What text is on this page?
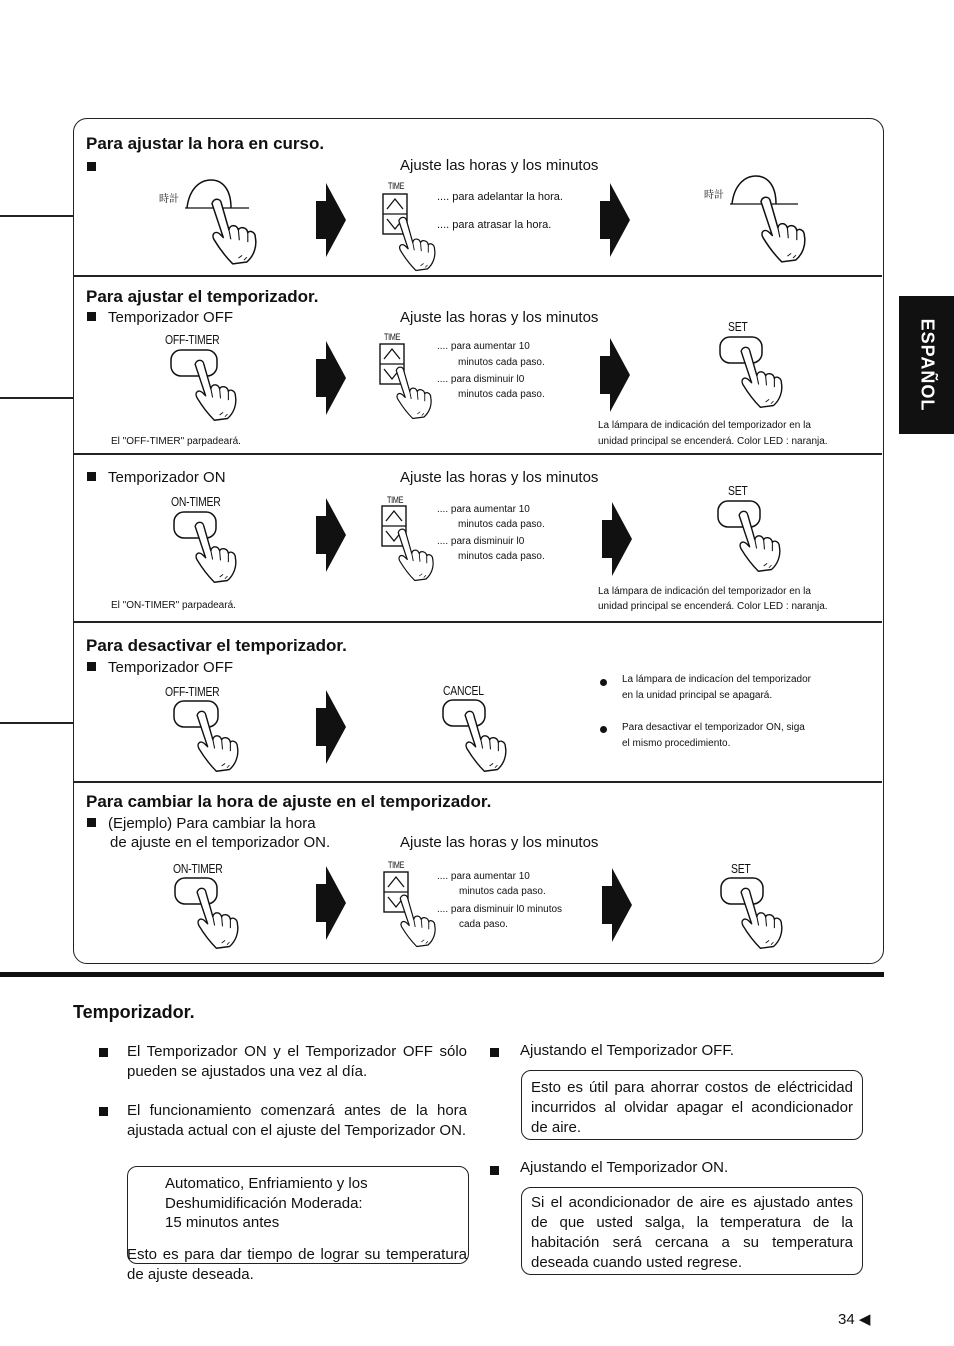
ESPAÑOL
Para ajustar la hora en curso.
Ajuste las horas y los minutos
時計
TIME
.... para adelantar la hora.
.... para atrasar la hora.
時計
Para ajustar el temporizador.
Temporizador OFF	Ajuste las horas y los minutos
OFF-TIMER
El "OFF-TIMER" parpadeará.
TIME
.... para aumentar 10
minutos cada paso.
.... para disminuir l0
minutos cada paso.
SET
La lámpara de indicación del temporizador en la
unidad principal se encenderá. Color LED : naranja.
Temporizador ON	Ajuste las horas y los minutos
ON-TIMER
El "ON-TIMER" parpadeará.
TIME
.... para aumentar 10
minutos cada paso.
.... para disminuir l0
minutos cada paso.
SET
La lámpara de indicación del temporizador en la
unidad principal se encenderá. Color LED : naranja.
Para desactivar el temporizador.
Temporizador OFF
OFF-TIMER	CANCEL
La lámpara de indicacíon del temporizador
en la unidad principal se apagará.
Para desactivar el temporizador ON, siga
el mismo procedimiento.
Para cambiar la hora de ajuste en el temporizador.
(Ejemplo) Para cambiar la hora
de ajuste en el temporizador ON.	Ajuste las horas y los minutos
ON-TIMER	TIME
.... para aumentar 10
minutos cada paso.
.... para disminuir l0 minutos
cada paso.
SET
Temporizador.
El Temporizador ON y el Temporizador OFF sólo pueden se ajustados una vez al día.
El funcionamiento comenzará antes de la hora ajustada actual con el ajuste del Temporizador ON.
Automatico, Enfriamiento y los
Deshumidificación Moderada:
15 minutos antes
Esto es para dar tiempo de lograr su temperatura de ajuste deseada.
Ajustando el Temporizador OFF.
Esto es útil para ahorrar costos de eléctricidad incurridos al olvidar apagar el acondicionador de aire.
Ajustando el Temporizador ON.
Si el acondicionador de aire es ajustado antes de que usted salga, la temperatura de la habitación será cercana a su temperatura deseada cuando usted regrese.
34 ◀
